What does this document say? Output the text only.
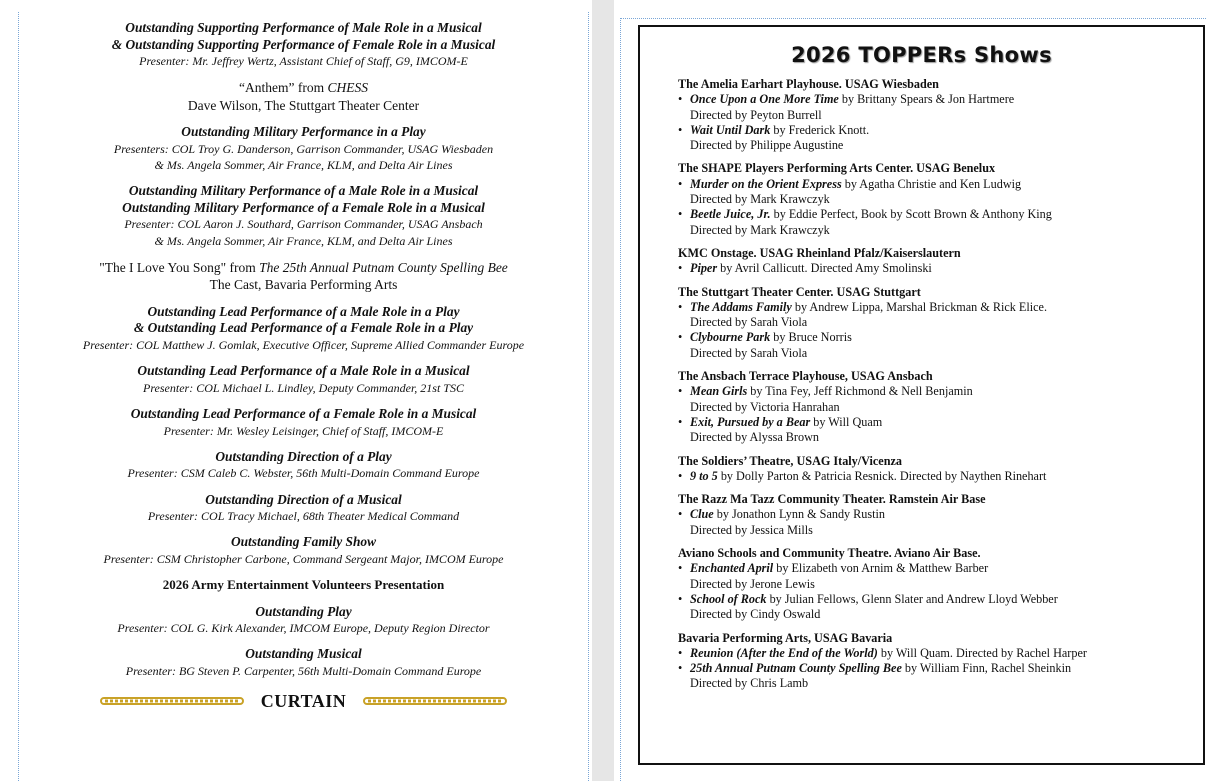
Outstanding Supporting Performance of Male Role in a Musical
& Outstanding Supporting Performance of Female Role in a Musical
Presenter: Mr. Jeffrey Wertz, Assistant Chief of Staff, G9, IMCOM-E
“Anthem” from CHESS
Dave Wilson, The Stuttgart Theater Center
Outstanding Military Performance in a Play
Presenters: COL Troy G. Danderson, Garrison Commander, USAG Wiesbaden
& Ms. Angela Sommer, Air France, KLM, and Delta Air Lines
Outstanding Military Performance of a Male Role in a Musical
Outstanding Military Performance of a Female Role in a Musical
Presenter: COL Aaron J. Southard, Garrison Commander, USAG Ansbach
& Ms. Angela Sommer, Air France, KLM, and Delta Air Lines
"The I Love You Song" from The 25th Annual Putnam County Spelling Bee
The Cast, Bavaria Performing Arts
Outstanding Lead Performance of a Male Role in a Play
& Outstanding Lead Performance of a Female Role in a Play
Presenter: COL Matthew J. Gomlak, Executive Officer, Supreme Allied Commander Europe
Outstanding Lead Performance of a Male Role in a Musical
Presenter: COL Michael L. Lindley, Deputy Commander, 21st TSC
Outstanding Lead Performance of a Female Role in a Musical
Presenter: Mr. Wesley Leisinger, Chief of Staff, IMCOM-E
Outstanding Direction of a Play
Presenter: CSM Caleb C. Webster, 56th Multi-Domain Command Europe
Outstanding Direction of a Musical
Presenter: COL Tracy Michael, 68th Theater Medical Command
Outstanding Family Show
Presenter: CSM Christopher Carbone, Command Sergeant Major, IMCOM Europe
2026 Army Entertainment Volunteers Presentation
Outstanding Play
Presenter: COL G. Kirk Alexander, IMCOM Europe, Deputy Region Director
Outstanding Musical
Presenter: BG Steven P. Carpenter, 56th Multi-Domain Command Europe
CURTAIN
2026 TOPPERs Shows
The Amelia Earhart Playhouse. USAG Wiesbaden
• Once Upon a One More Time by Brittany Spears & Jon Hartmere
Directed by Peyton Burrell
• Wait Until Dark by Frederick Knott.
Directed by Philippe Augustine
The SHAPE Players Performing Arts Center. USAG Benelux
• Murder on the Orient Express by Agatha Christie and Ken Ludwig
Directed by Mark Krawczyk
• Beetle Juice, Jr. by Eddie Perfect, Book by Scott Brown & Anthony King
Directed by Mark Krawczyk
KMC Onstage. USAG Rheinland Pfalz/Kaiserslautern
• Piper by Avril Callicutt. Directed Amy Smolinski
The Stuttgart Theater Center. USAG Stuttgart
• The Addams Family by Andrew Lippa, Marshal Brickman & Rick Elice.
Directed by Sarah Viola
• Clybourne Park by Bruce Norris
Directed by Sarah Viola
The Ansbach Terrace Playhouse, USAG Ansbach
• Mean Girls by Tina Fey, Jeff Richmond & Nell Benjamin
Directed by Victoria Hanrahan
• Exit, Pursued by a Bear by Will Quam
Directed by Alyssa Brown
The Soldiers’ Theatre, USAG Italy/Vicenza
• 9 to 5 by Dolly Parton & Patricia Resnick. Directed by Naythen Rinehart
The Razz Ma Tazz Community Theater. Ramstein Air Base
• Clue by Jonathon Lynn & Sandy Rustin
Directed by Jessica Mills
Aviano Schools and Community Theatre. Aviano Air Base.
• Enchanted April by Elizabeth von Arnim & Matthew Barber
Directed by Jerone Lewis
• School of Rock by Julian Fellows, Glenn Slater and Andrew Lloyd Webber
Directed by Cindy Oswald
Bavaria Performing Arts, USAG Bavaria
• Reunion (After the End of the World) by Will Quam. Directed by Rachel Harper
• 25th Annual Putnam County Spelling Bee by William Finn, Rachel Sheinkin
Directed by Chris Lamb
